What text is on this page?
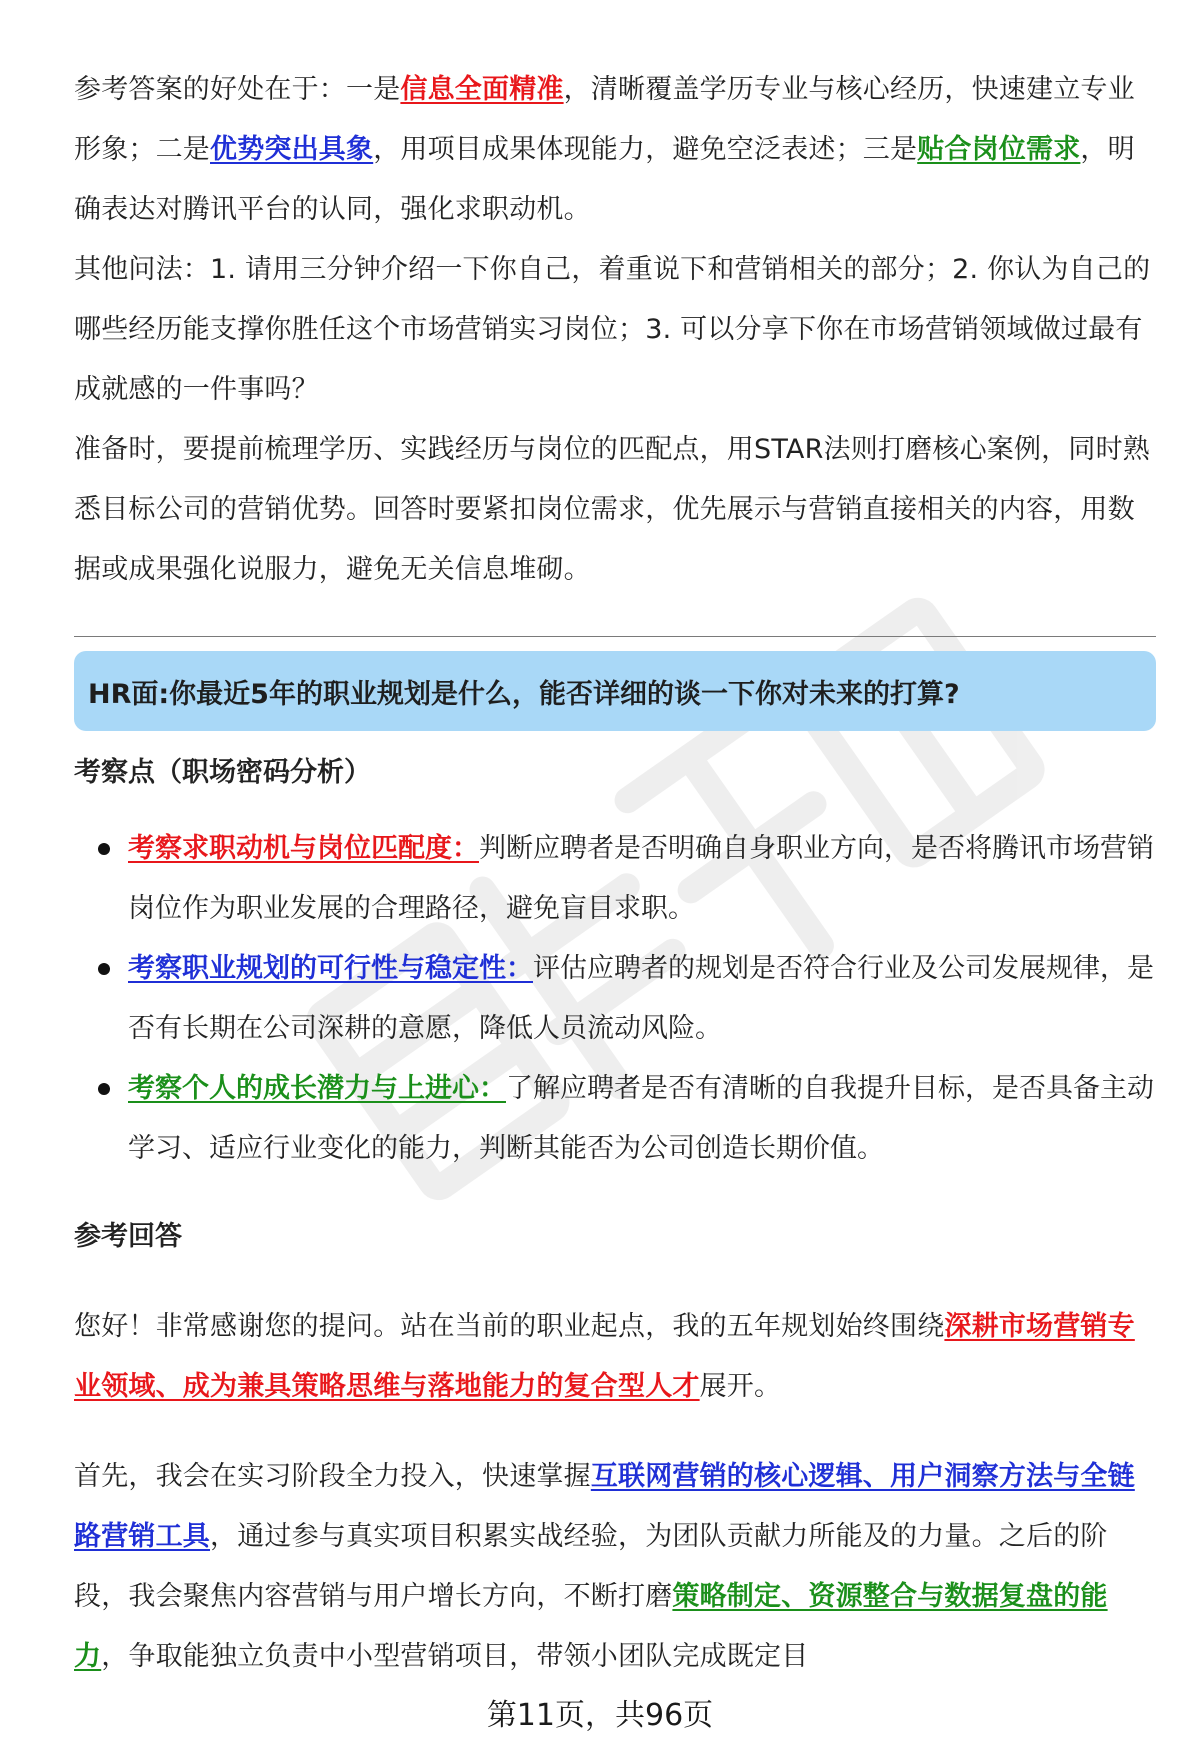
参考答案的好处在于：一是信息全面精准，清晰覆盖学历专业与核心经历，快速建立专业形象；二是优势突出具象，用项目成果体现能力，避免空泛表述；三是贴合岗位需求，明确表达对腾讯平台的认同，强化求职动机。

其他问法：1. 请用三分钟介绍一下你自己，着重说下和营销相关的部分；2. 你认为自己的哪些经历能支撑你胜任这个市场营销实习岗位；3. 可以分享下你在市场营销领域做过最有成就感的一件事吗？

准备时，要提前梳理学历、实践经历与岗位的匹配点，用STAR法则打磨核心案例，同时熟悉目标公司的营销优势。回答时要紧扣岗位需求，优先展示与营销直接相关的内容，用数据或成果强化说服力，避免无关信息堆砌。

HR面:你最近5年的职业规划是什么，能否详细的谈一下你对未来的打算?
考察点（职场密码分析）
考察求职动机与岗位匹配度：判断应聘者是否明确自身职业方向，是否将腾讯市场营销岗位作为职业发展的合理路径，避免盲目求职。
考察职业规划的可行性与稳定性：评估应聘者的规划是否符合行业及公司发展规律，是否有长期在公司深耕的意愿，降低人员流动风险。
考察个人的成长潜力与上进心：了解应聘者是否有清晰的自我提升目标，是否具备主动学习、适应行业变化的能力，判断其能否为公司创造长期价值。
参考回答

您好！非常感谢您的提问。站在当前的职业起点，我的五年规划始终围绕深耕市场营销专业领域、成为兼具策略思维与落地能力的复合型人才展开。

首先，我会在实习阶段全力投入，快速掌握互联网营销的核心逻辑、用户洞察方法与全链路营销工具，通过参与真实项目积累实战经验，为团队贡献力所能及的力量。之后的阶段，我会聚焦内容营销与用户增长方向，不断打磨策略制定、资源整合与数据复盘的能力，争取能独立负责中小型营销项目，带领小团队完成既定目

第11页，共96页
